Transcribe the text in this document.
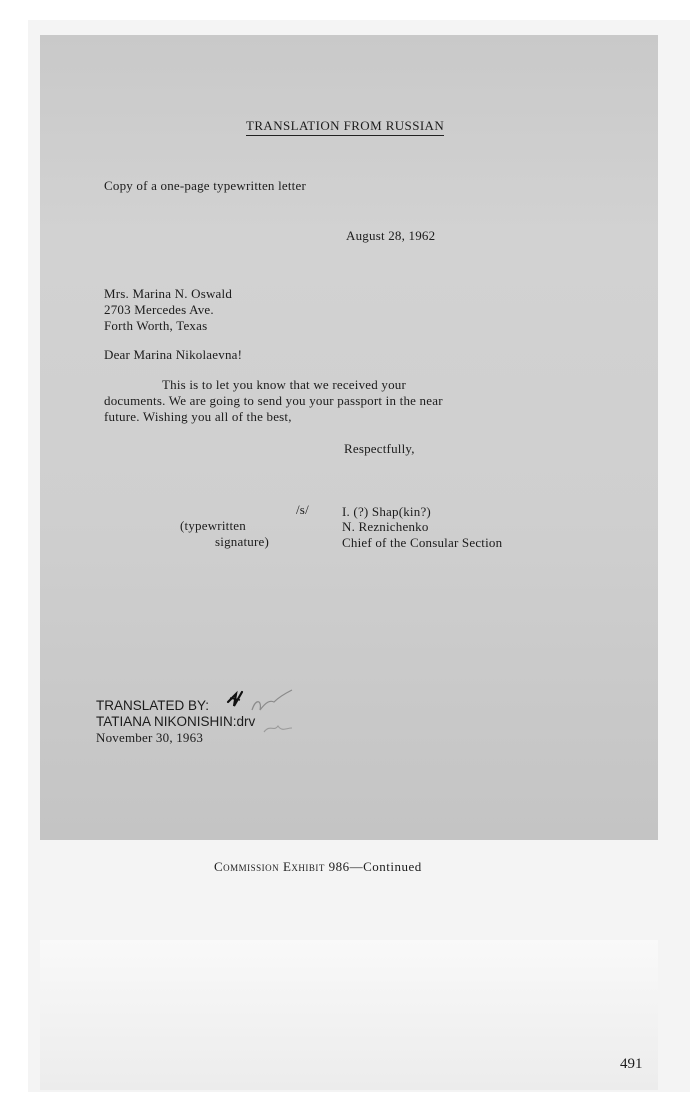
TRANSLATION FROM RUSSIAN
Copy of a one-page typewritten letter
August 28, 1962
Mrs. Marina N. Oswald
2703 Mercedes Ave.
Forth Worth, Texas
Dear Marina Nikolaevna!
This is to let you know that we received your
documents. We are going to send you your passport in the near
future. Wishing you all of the best,
Respectfully,
/s/	I. (?) Shap(kin?)
(typewritten	N. Reznichenko
signature)	Chief of the Consular Section
TRANSLATED BY:
TATIANA NIKONISHIN:drv
November 30, 1963
Commission Exhibit 986—Continued
491
